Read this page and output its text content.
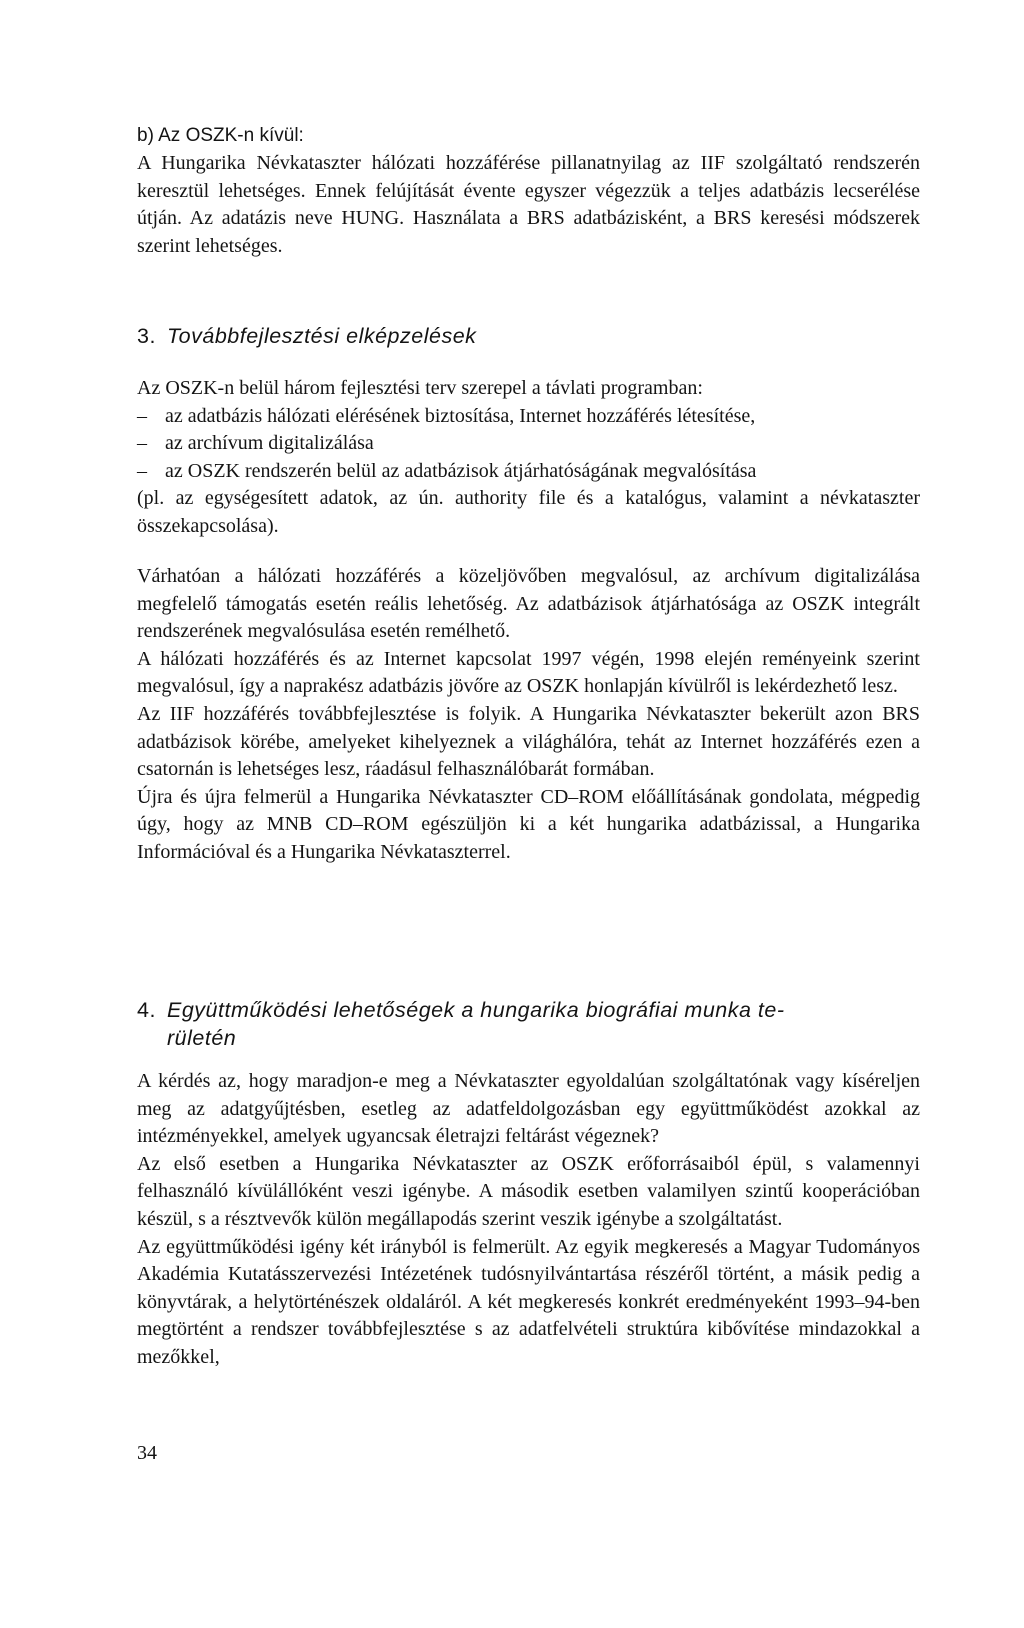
b) Az OSZK-n kívül:

A Hungarika Névkataszter hálózati hozzáférése pillanatnyilag az IIF szolgáltató rendszerén keresztül lehetséges. Ennek felújítását évente egyszer végezzük a teljes adatbázis lecserélése útján. Az adatázis neve HUNG. Használata a BRS adatbázisként, a BRS keresési módszerek szerint lehetséges.

3. Továbbfejlesztési elképzelések

Az OSZK-n belül három fejlesztési terv szerepel a távlati programban:

– az adatbázis hálózati elérésének biztosítása, Internet hozzáférés létesítése,
– az archívum digitalizálása
– az OSZK rendszerén belül az adatbázisok átjárhatóságának megvalósítása

(pl. az egységesített adatok, az ún. authority file és a katalógus, valamint a névkataszter összekapcsolása).

Várhatóan a hálózati hozzáférés a közeljövőben megvalósul, az archívum digitalizálása megfelelő támogatás esetén reális lehetőség. Az adatbázisok átjárhatósága az OSZK integrált rendszerének megvalósulása esetén remélhető.

A hálózati hozzáférés és az Internet kapcsolat 1997 végén, 1998 elején reményeink szerint megvalósul, így a naprakész adatbázis jövőre az OSZK honlapján kívülről is lekérdezhető lesz.

Az IIF hozzáférés továbbfejlesztése is folyik. A Hungarika Névkataszter bekerült azon BRS adatbázisok körébe, amelyeket kihelyeznek a világhálóra, tehát az Internet hozzáférés ezen a csatornán is lehetséges lesz, ráadásul felhasználóbarát formában.

Újra és újra felmerül a Hungarika Névkataszter CD–ROM előállításának gondolata, mégpedig úgy, hogy az MNB CD–ROM egészüljön ki a két hungarika adatbázissal, a Hungarika Információval és a Hungarika Névkataszterrel.

4. Együttműködési lehetőségek a hungarika biográfiai munka te-
rületén

A kérdés az, hogy maradjon-e meg a Névkataszter egyoldalúan szolgáltatónak vagy kíséreljen meg az adatgyűjtésben, esetleg az adatfeldolgozásban egy együttműködést azokkal az intézményekkel, amelyek ugyancsak életrajzi feltárást végeznek?

Az első esetben a Hungarika Névkataszter az OSZK erőforrásaiból épül, s valamennyi felhasználó kívülállóként veszi igénybe. A második esetben valamilyen szintű kooperációban készül, s a résztvevők külön megállapodás szerint veszik igénybe a szolgáltatást.

Az együttműködési igény két irányból is felmerült. Az egyik megkeresés a Magyar Tudományos Akadémia Kutatásszervezési Intézetének tudósnyilvántartása részéről történt, a másik pedig a könyvtárak, a helytörténészek oldaláról. A két megkeresés konkrét eredményeként 1993–94-ben megtörtént a rendszer továbbfejlesztése s az adatfelvételi struktúra kibővítése mindazokkal a mezőkkel,

34
